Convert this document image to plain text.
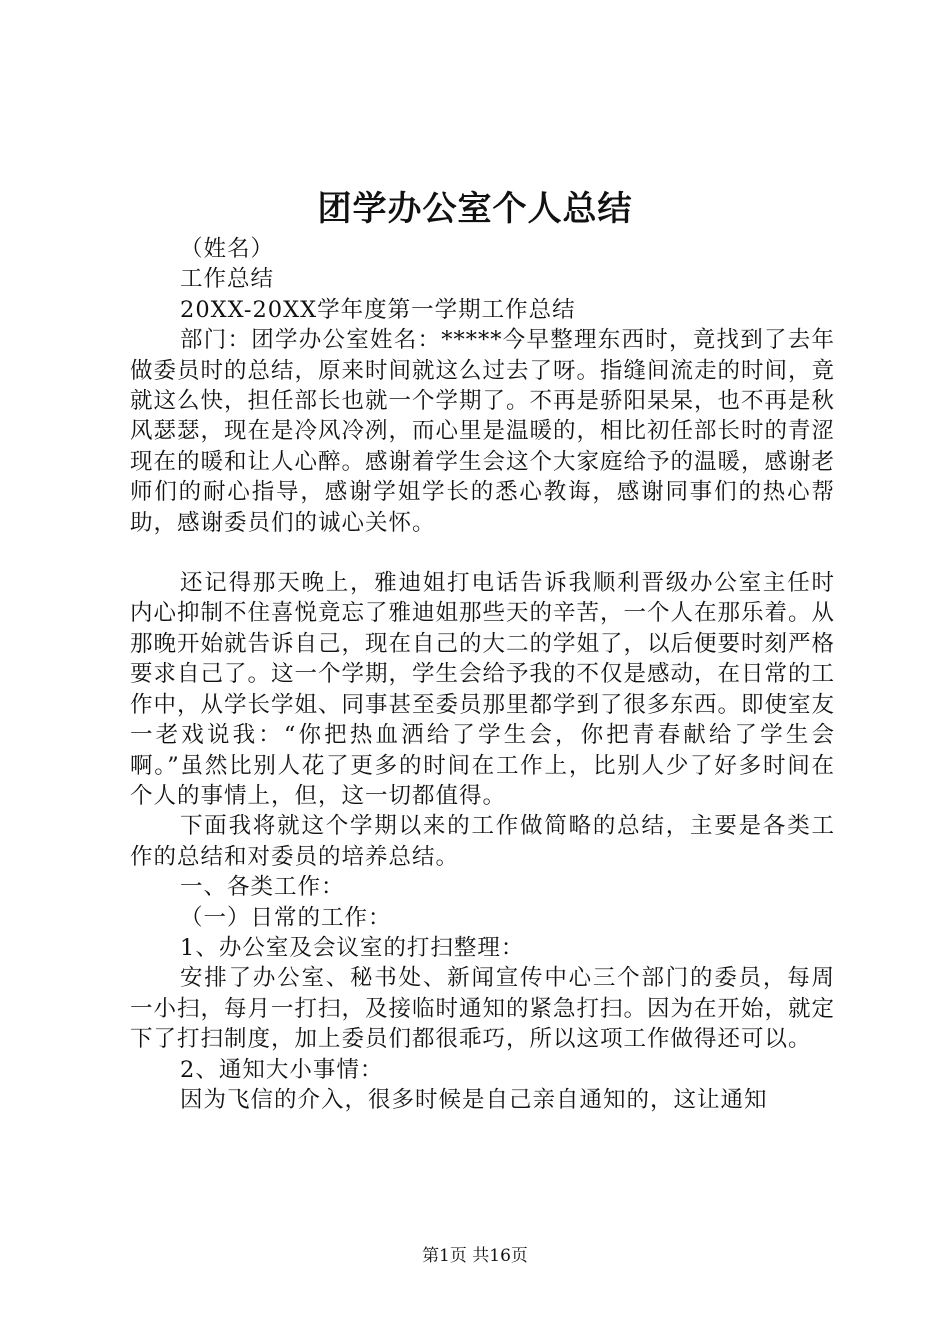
团学办公室个人总结

（姓名）

工作总结

20XX-20XX学年度第一学期工作总结

部门：团学办公室姓名：*****今早整理东西时，竟找到了去年做委员时的总结，原来时间就这么过去了呀。指缝间流走的时间，竟就这么快，担任部长也就一个学期了。不再是骄阳杲杲，也不再是秋风瑟瑟，现在是冷风冷冽，而心里是温暖的，相比初任部长时的青涩现在的暖和让人心醉。感谢着学生会这个大家庭给予的温暖，感谢老师们的耐心指导，感谢学姐学长的悉心教诲，感谢同事们的热心帮助，感谢委员们的诚心关怀。

还记得那天晚上，雅迪姐打电话告诉我顺利晋级办公室主任时内心抑制不住喜悦竟忘了雅迪姐那些天的辛苦，一个人在那乐着。从那晚开始就告诉自己，现在自己的大二的学姐了，以后便要时刻严格要求自己了。这一个学期，学生会给予我的不仅是感动，在日常的工作中，从学长学姐、同事甚至委员那里都学到了很多东西。即使室友一老戏说我：“你把热血洒给了学生会，你把青春献给了学生会啊。”虽然比别人花了更多的时间在工作上，比别人少了好多时间在个人的事情上，但，这一切都值得。

下面我将就这个学期以来的工作做简略的总结，主要是各类工作的总结和对委员的培养总结。

一、各类工作：

（一）日常的工作：

1、办公室及会议室的打扫整理：

安排了办公室、秘书处、新闻宣传中心三个部门的委员，每周一小扫，每月一打扫，及接临时通知的紧急打扫。因为在开始，就定下了打扫制度，加上委员们都很乖巧，所以这项工作做得还可以。

2、通知大小事情：

因为飞信的介入，很多时候是自己亲自通知的，这让通知

第1页 共16页
